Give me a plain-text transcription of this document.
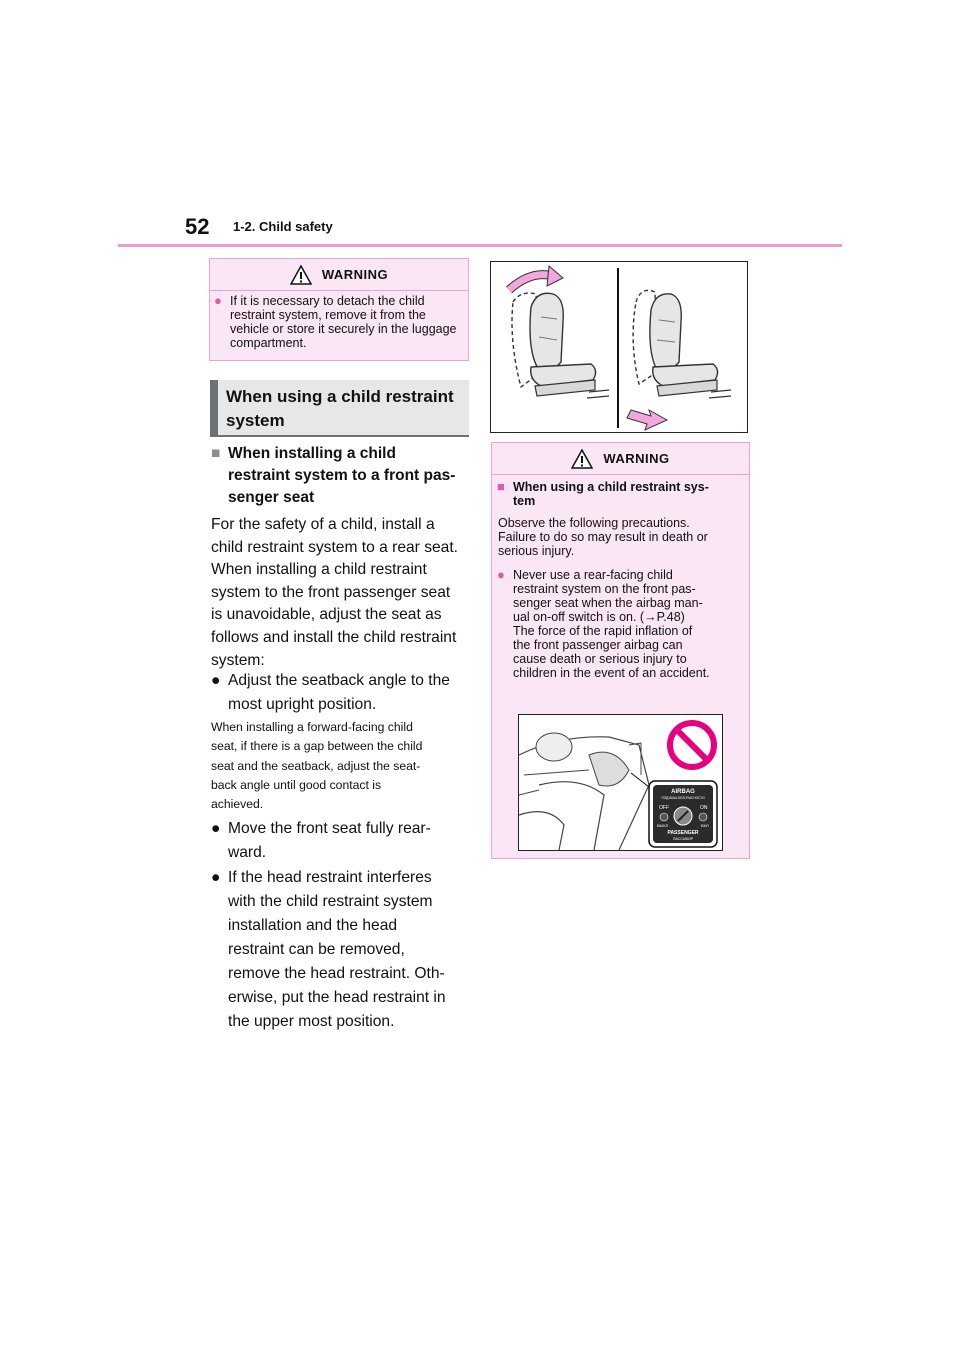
52 1-2. Child safety
WARNING
● If it is necessary to detach the child restraint system, remove it from the vehicle or store it securely in the luggage compartment.
When using a child restraint
system
■ When installing a child
restraint system to a front pas-
senger seat
For the safety of a child, install a
child restraint system to a rear seat.
When installing a child restraint
system to the front passenger seat
is unavoidable, adjust the seat as
follows and install the child restraint
system:
● Adjust the seatback angle to the
most upright position.
When installing a forward-facing child
seat, if there is a gap between the child
seat and the seatback, adjust the seat-
back angle until good contact is
achieved.
● Move the front seat fully rear-
ward.
● If the head restraint interferes
with the child restraint system
installation and the head
restraint can be removed,
remove the head restraint. Oth-
erwise, put the head restraint in
the upper most position.
WARNING
■ When using a child restraint sys-
tem
Observe the following precautions.
Failure to do so may result in death or
serious injury.
● Never use a rear-facing child
restraint system on the front pas-
senger seat when the airbag man-
ual on-off switch is on. (→P.48)
The force of the rapid inflation of
the front passenger airbag can
cause death or serious injury to
children in the event of an accident.
AIRBAG
ПОДУШКА БЕЗОПАСНОСТИ
OFF	ON
ВЫКЛ	ВКЛ
PASSENGER
ПАССАЖИР
